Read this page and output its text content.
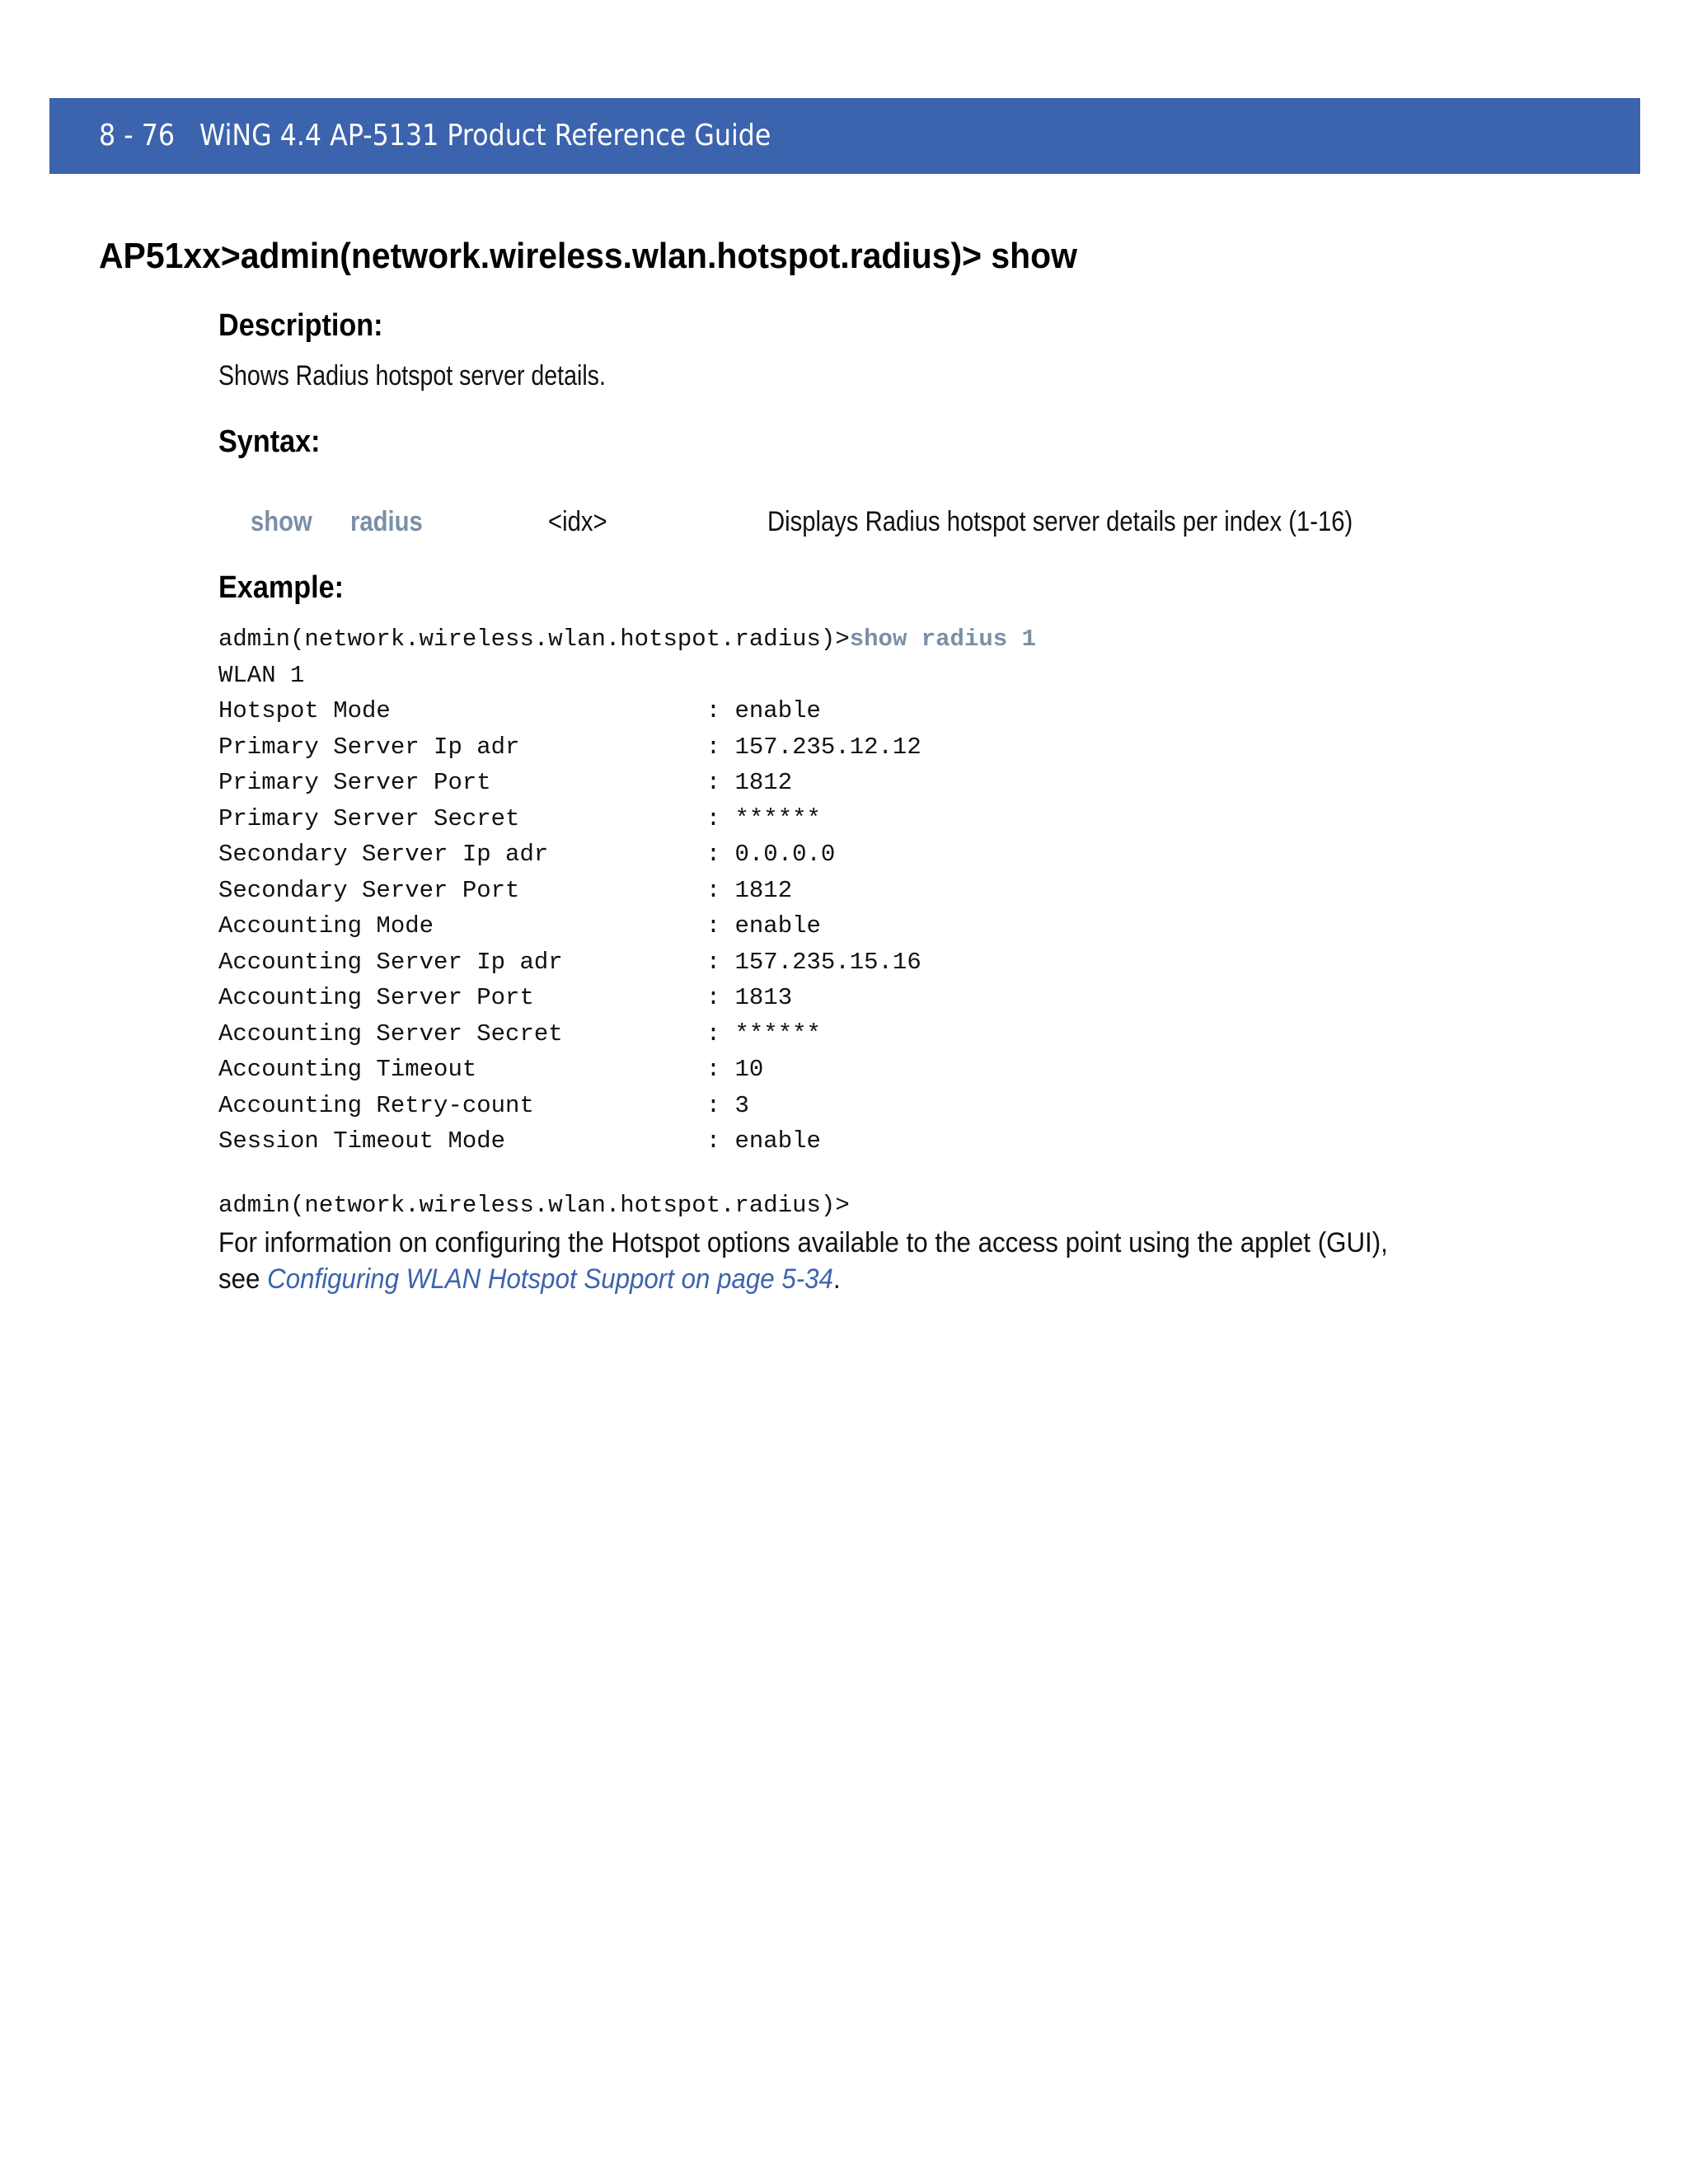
8 - 76 WiNG 4.4 AP-5131 Product Reference Guide
AP51xx>admin(network.wireless.wlan.hotspot.radius)> show
Description:
Shows Radius hotspot server details.
Syntax:
show radius	<idx>	Displays Radius hotspot server details per index (1-16)
Example:
admin(network.wireless.wlan.hotspot.radius)>show radius 1
WLAN 1
Hotspot Mode                      : enable
Primary Server Ip adr             : 157.235.12.12
Primary Server Port               : 1812
Primary Server Secret             : ******
Secondary Server Ip adr           : 0.0.0.0
Secondary Server Port             : 1812
Accounting Mode                   : enable
Accounting Server Ip adr          : 157.235.15.16
Accounting Server Port            : 1813
Accounting Server Secret          : ******
Accounting Timeout                : 10
Accounting Retry-count            : 3
Session Timeout Mode              : enable

admin(network.wireless.wlan.hotspot.radius)>
For information on configuring the Hotspot options available to the access point using the applet (GUI), see Configuring WLAN Hotspot Support on page 5-34.
